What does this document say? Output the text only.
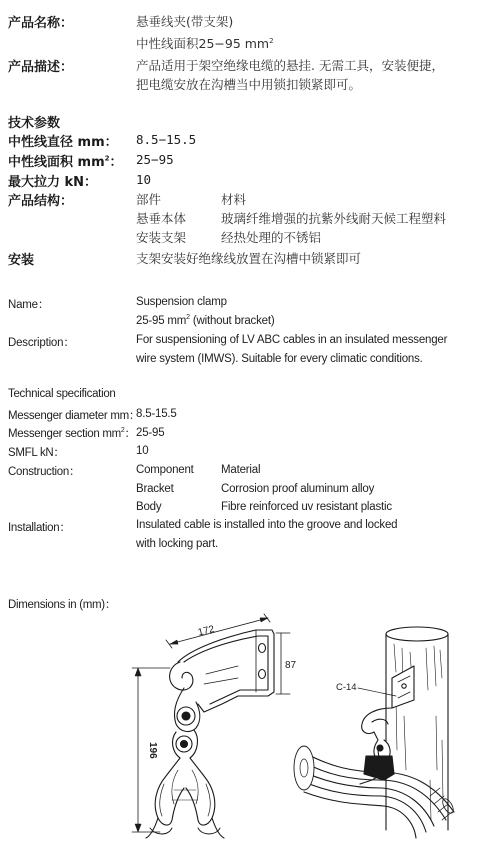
产品名称：	悬垂线夹(带支架)
中性线面积25−95 $mm^2$
产品描述：	产品适用于架空绝缘电缆的悬挂. 无需工具，安装便捷，
把电缆安放在沟槽当中用锁扣锁紧即可。
技术参数
中性线直径 mm： 8.5−15.5
中性线面积 $mm^2$： 25−95
最大拉力 kN：	10
产品结构：	部件	材料
悬垂本体	玻璃纤维增强的抗紫外线耐天候工程塑料
安装支架	经热处理的不锈铝
安装	支架安装好绝缘线放置在沟槽中锁紧即可
Name：	Suspension clamp
25-95 $mm^2$ (without bracket)
Description：	For suspensioning of LV ABC cables in an insulated messenger
wire system (IMWS). Suitable for every climatic conditions.
Technical specification
Messenger diameter mm：
8.5-15.5
Messenger section $mm^2$： 25-95
SMFL kN：	10
Construction：	Component Material
Bracket	Corrosion proof aluminum alloy
Body	Fibre reinforced uv resistant plastic
Installation：	Insulated cable is installed into the groove and locked
with locking part.
Dimensions in (mm)：
172
87
196
C-14
